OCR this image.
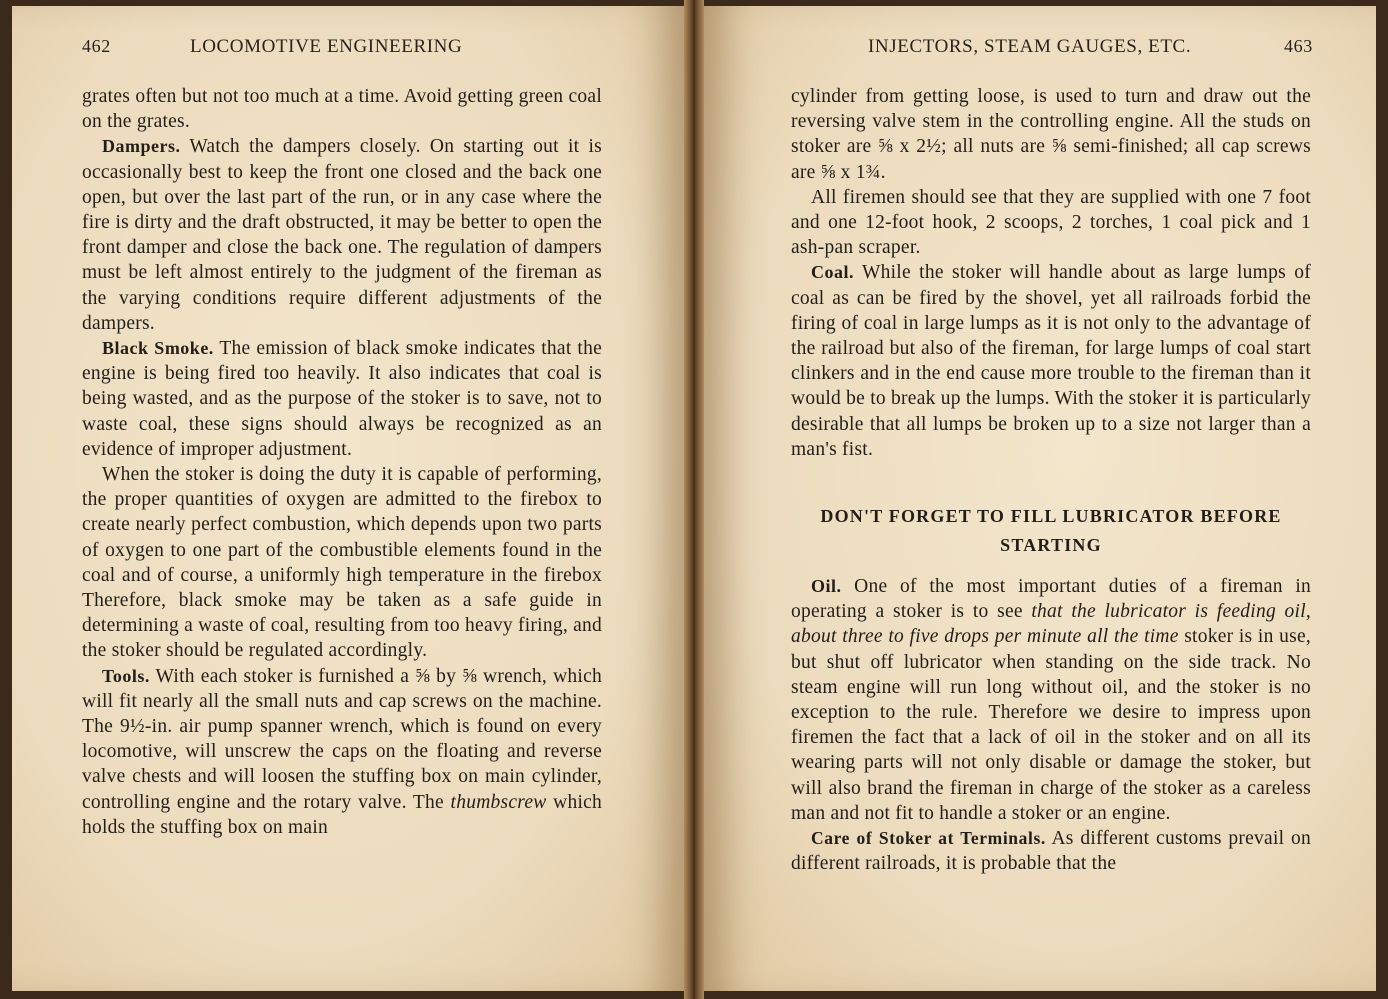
462	LOCOMOTIVE ENGINEERING

grates often but not too much at a time. Avoid getting green coal on the grates.

Dampers. Watch the dampers closely. On starting out it is occasionally best to keep the front one closed and the back one open, but over the last part of the run, or in any case where the fire is dirty and the draft obstructed, it may be better to open the front damper and close the back one. The regulation of dampers must be left almost entirely to the judgment of the fireman as the varying conditions require different adjustments of the dampers.

Black Smoke. The emission of black smoke indicates that the engine is being fired too heavily. It also indicates that coal is being wasted, and as the purpose of the stoker is to save, not to waste coal, these signs should always be recognized as an evidence of improper adjustment.

When the stoker is doing the duty it is capable of performing, the proper quantities of oxygen are admitted to the firebox to create nearly perfect combustion, which depends upon two parts of oxygen to one part of the combustible elements found in the coal and of course, a uniformly high temperature in the firebox Therefore, black smoke may be taken as a safe guide in determining a waste of coal, resulting from too heavy firing, and the stoker should be regulated accordingly.

Tools. With each stoker is furnished a ⅝ by ⅝ wrench, which will fit nearly all the small nuts and cap screws on the machine. The 9½-in. air pump spanner wrench, which is found on every locomotive, will unscrew the caps on the floating and reverse valve chests and will loosen the stuffing box on main cylinder, controlling engine and the rotary valve. The thumbscrew which holds the stuffing box on main

INJECTORS, STEAM GAUGES, ETC.	463

cylinder from getting loose, is used to turn and draw out the reversing valve stem in the controlling engine. All the studs on stoker are ⅝ x 2½; all nuts are ⅝ semi-finished; all cap screws are ⅝ x 1¾.

All firemen should see that they are supplied with one 7 foot and one 12-foot hook, 2 scoops, 2 torches, 1 coal pick and 1 ash-pan scraper.

Coal. While the stoker will handle about as large lumps of coal as can be fired by the shovel, yet all railroads forbid the firing of coal in large lumps as it is not only to the advantage of the railroad but also of the fireman, for large lumps of coal start clinkers and in the end cause more trouble to the fireman than it would be to break up the lumps. With the stoker it is particularly desirable that all lumps be broken up to a size not larger than a man's fist.

DON'T FORGET TO FILL LUBRICATOR BEFORE STARTING

Oil. One of the most important duties of a fireman in operating a stoker is to see that the lubricator is feeding oil, about three to five drops per minute all the time stoker is in use, but shut off lubricator when standing on the side track. No steam engine will run long without oil, and the stoker is no exception to the rule. Therefore we desire to impress upon firemen the fact that a lack of oil in the stoker and on all its wearing parts will not only disable or damage the stoker, but will also brand the fireman in charge of the stoker as a careless man and not fit to handle a stoker or an engine.

Care of Stoker at Terminals. As different customs prevail on different railroads, it is probable that the
